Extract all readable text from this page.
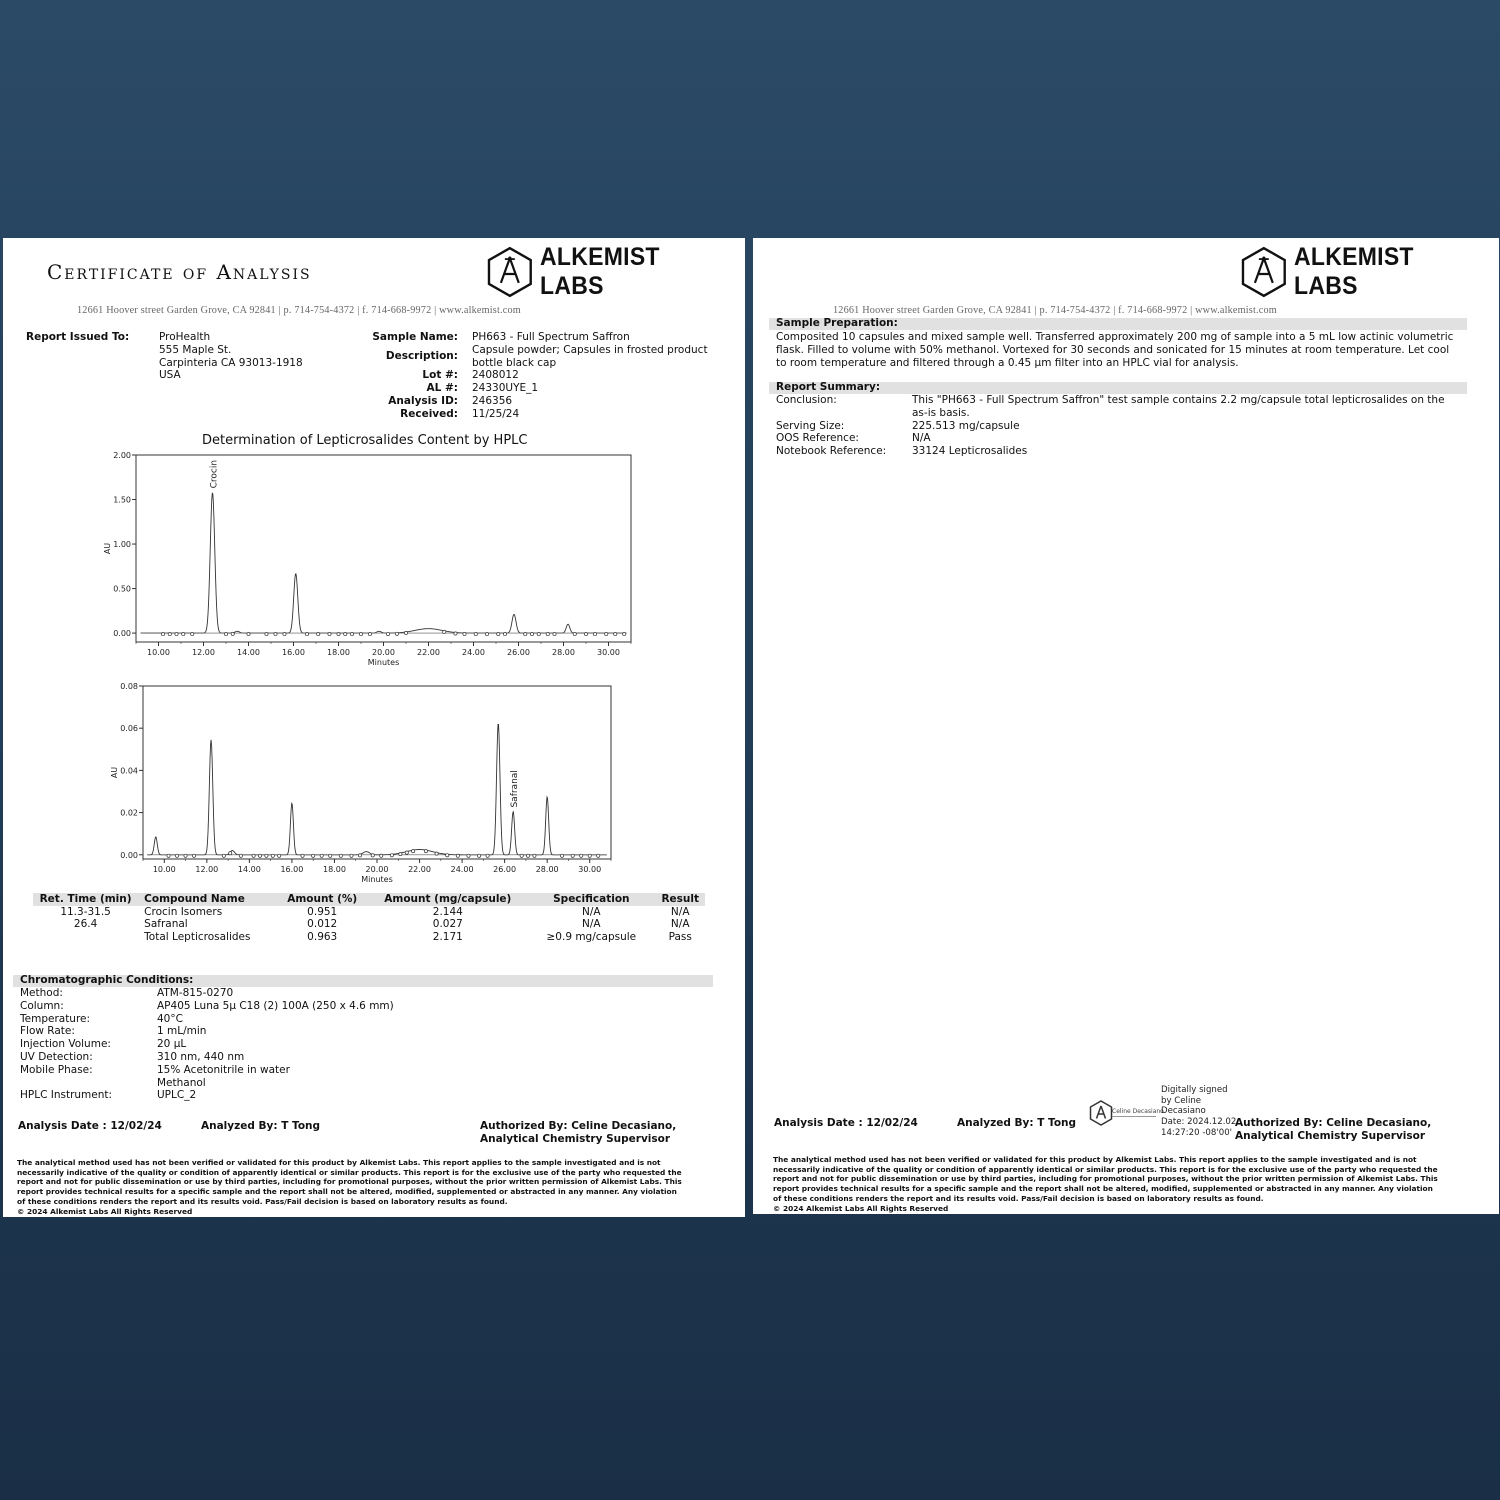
Certificate of Analysis
ALKEMIST LABS
12661 Hoover street Garden Grove, CA 92841 | p. 714-754-4372 | f. 714-668-9972 | www.alkemist.com
Report Issued To:	ProHealth
555 Maple St.
Carpinteria CA 93013-1918
USA
Sample Name: PH663 - Full Spectrum Saffron
Description: Capsule powder; Capsules in frosted product
bottle black cap
Lot #: 2408012
AL #: 24330UYE_1
Analysis ID: 246356
Received: 11/25/24
Determination of Lepticrosalides Content by HPLC
0.00
0.50
1.00
1.50
2.00
10.00	12.00	14.00	16.00	18.00	20.00	22.00	24.00	26.00	28.00	30.00
Minutes
AU
Crocin
0.00
0.02
0.04
0.06
0.08
10.00 12.00 14.00 16.00 18.00 20.00 22.00 24.00 26.00 28.00 30.00
Minutes
AU	Safranal
Ret. Time (min)	Compound Name	Amount (%)	Amount (mg/capsule)	Specification	Result
11.3-31.5	Crocin Isomers	0.951	2.144	N/A	N/A
26.4	Safranal	0.012	0.027	N/A	N/A
	Total Lepticrosalides	0.963	2.171	≥0.9 mg/capsule	Pass
Chromatographic Conditions:
Method:	ATM-815-0270
Column:	AP405 Luna 5µ C18 (2) 100A (250 x 4.6 mm)
Temperature:	40°C
Flow Rate:	1 mL/min
Injection Volume:	20 µL
UV Detection:	310 nm, 440 nm
Mobile Phase:	15% Acetonitrile in water
Methanol
HPLC Instrument:	UPLC_2
Analysis Date : 12/02/24	Analyzed By: T Tong	Authorized By: Celine Decasiano,
Analytical Chemistry Supervisor
The analytical method used has not been verified or validated for this product by Alkemist Labs. This report applies to the sample investigated and is not
necessarily indicative of the quality or condition of apparently identical or similar products. This report is for the exclusive use of the party who requested the
report and not for public dissemination or use by third parties, including for promotional purposes, without the prior written permission of Alkemist Labs. This
report provides technical results for a specific sample and the report shall not be altered, modified, supplemented or abstracted in any manner. Any violation
of these conditions renders the report and its results void. Pass/Fail decision is based on laboratory results as found.
© 2024 Alkemist Labs All Rights Reserved
ALKEMIST LABS
12661 Hoover street Garden Grove, CA 92841 | p. 714-754-4372 | f. 714-668-9972 | www.alkemist.com
Sample Preparation:
Composited 10 capsules and mixed sample well. Transferred approximately 200 mg of sample into a 5 mL low actinic volumetric
flask. Filled to volume with 50% methanol. Vortexed for 30 seconds and sonicated for 15 minutes at room temperature. Let cool
to room temperature and filtered through a 0.45 µm filter into an HPLC vial for analysis.
Report Summary:
Conclusion:	This "PH663 - Full Spectrum Saffron" test sample contains 2.2 mg/capsule total lepticrosalides on the
as-is basis.
Serving Size:	225.513 mg/capsule
OOS Reference:	N/A
Notebook Reference:	33124 Lepticrosalides
Analysis Date : 12/02/24	Analyzed By: T Tong
Celine Decasiano
Digitally signed
by Celine
Decasiano
Date: 2024.12.02
14:27:20 -08'00'
Authorized By: Celine Decasiano,
Analytical Chemistry Supervisor
The analytical method used has not been verified or validated for this product by Alkemist Labs. This report applies to the sample investigated and is not
necessarily indicative of the quality or condition of apparently identical or similar products. This report is for the exclusive use of the party who requested the
report and not for public dissemination or use by third parties, including for promotional purposes, without the prior written permission of Alkemist Labs. This
report provides technical results for a specific sample and the report shall not be altered, modified, supplemented or abstracted in any manner. Any violation
of these conditions renders the report and its results void. Pass/Fail decision is based on laboratory results as found.
© 2024 Alkemist Labs All Rights Reserved
